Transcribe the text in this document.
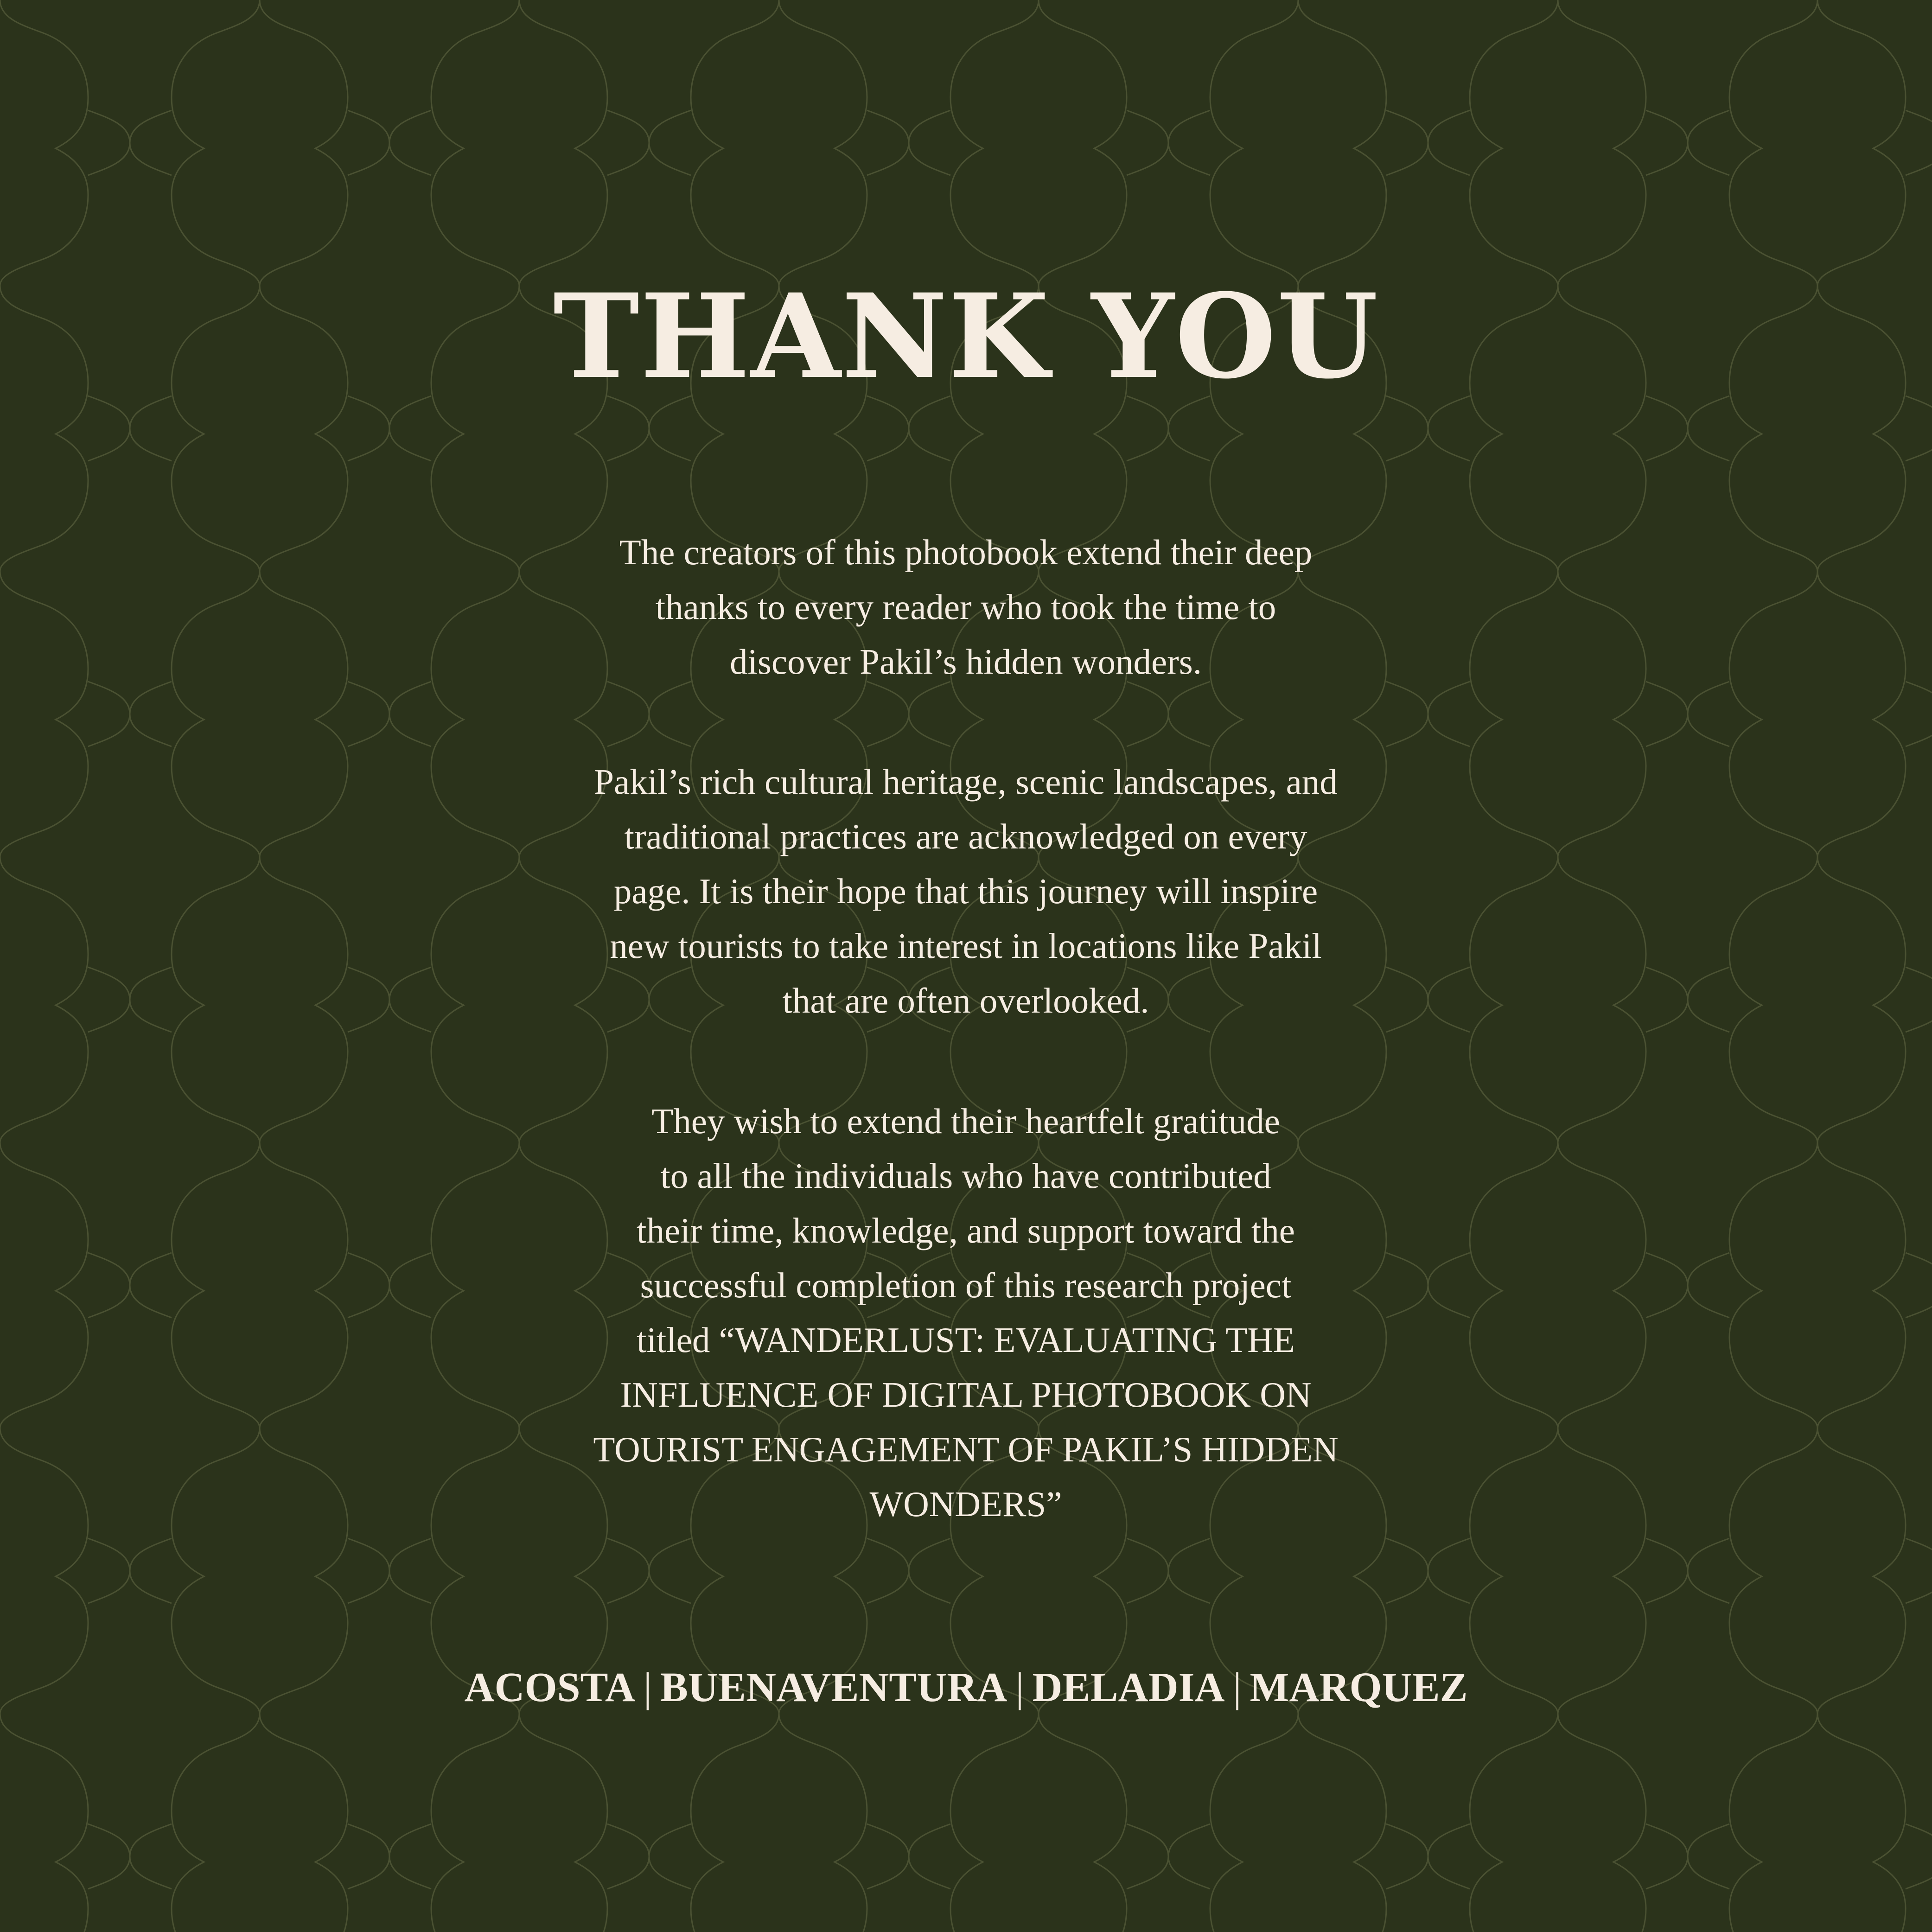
THANK YOU

The creators of this photobook extend their deep
thanks to every reader who took the time to
discover Pakil’s hidden wonders.

Pakil’s rich cultural heritage, scenic landscapes, and
traditional practices are acknowledged on every
page. It is their hope that this journey will inspire
new tourists to take interest in locations like Pakil
that are often overlooked.

They wish to extend their heartfelt gratitude
to all the individuals who have contributed
their time, knowledge, and support toward the
successful completion of this research project
titled “WANDERLUST: EVALUATING THE
INFLUENCE OF DIGITAL PHOTOBOOK ON
TOURIST ENGAGEMENT OF PAKIL’S HIDDEN
WONDERS”

ACOSTA | BUENAVENTURA | DELADIA | MARQUEZ
